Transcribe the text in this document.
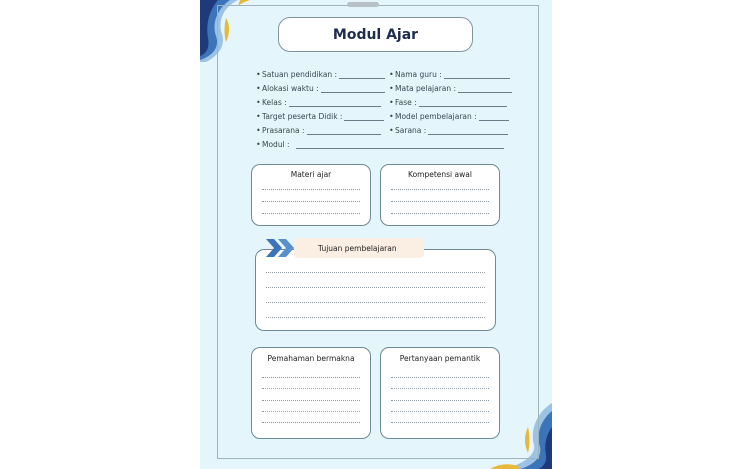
Modul Ajar
• Satuan pendidikan :
• Alokasi waktu :
• Kelas :
• Target peserta Didik :
• Prasarana :
• Nama guru :
• Mata pelajaran :
• Fase :
• Model pembelajaran :
• Sarana :
• Modul :
Materi ajar	Kompetensi awal
Tujuan pembelajaran
Pemahaman bermakna	Pertanyaan pemantik
